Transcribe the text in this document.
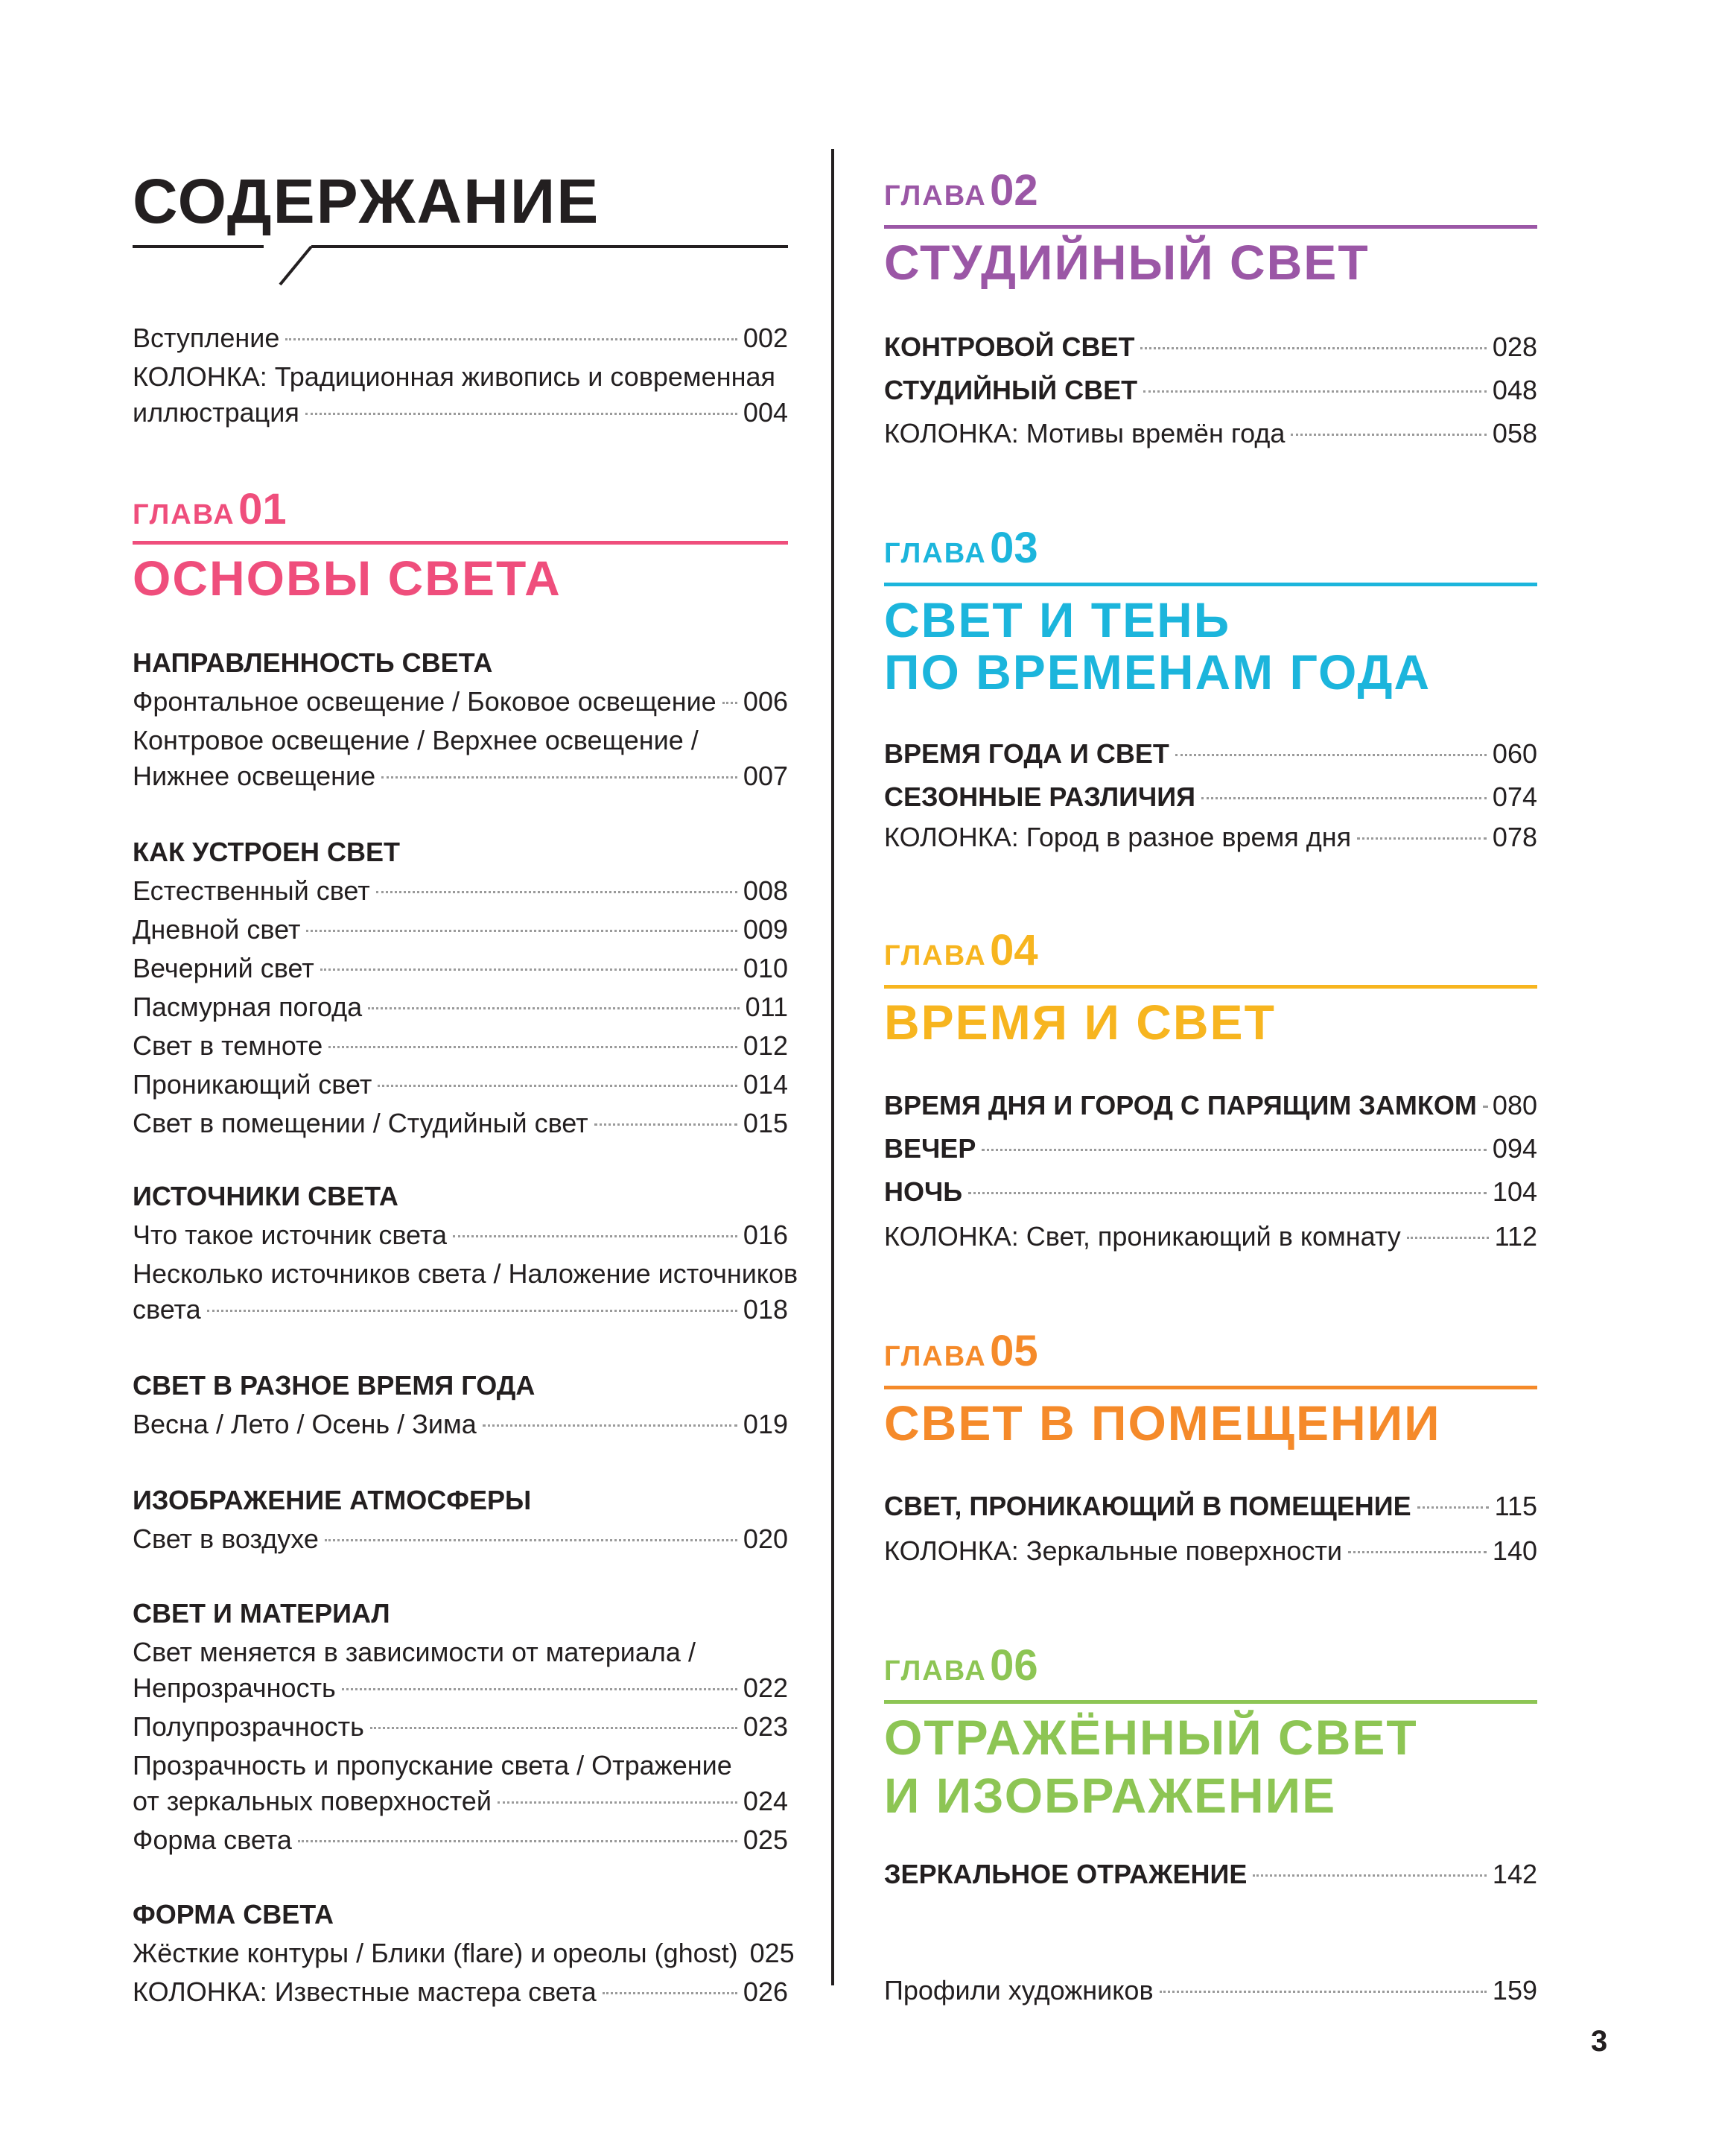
СОДЕРЖАНИЕ
Вступление	002
КОЛОНКА: Традиционная живопись и современная
иллюстрация	004
ГЛАВА 01
ОСНОВЫ СВЕТА
НАПРАВЛЕННОСТЬ СВЕТА
Фронтальное освещение / Боковое освещение 006
Контровое освещение / Верхнее освещение /
Нижнее освещение	007
КАК УСТРОЕН СВЕТ
Естественный свет	008
Дневной свет	009
Вечерний свет	010
Пасмурная погода	011
Свет в темноте	012
Проникающий свет	014
Свет в помещении / Студийный свет	015
ИСТОЧНИКИ СВЕТА
Что такое источник света	016
Несколько источников света / Наложение источников
света	018
СВЕТ В РАЗНОЕ ВРЕМЯ ГОДА
Весна / Лето / Осень / Зима	019
ИЗОБРАЖЕНИЕ АТМОСФЕРЫ
Свет в воздухе	020
СВЕТ И МАТЕРИАЛ
Свет меняется в зависимости от материала /
Непрозрачность	022
Полупрозрачность	023
Прозрачность и пропускание света / Отражение
от зеркальных поверхностей	024
Форма света	025
ФОРМА СВЕТА
Жёсткие контуры / Блики (flare) и ореолы (ghost) 025
КОЛОНКА: Известные мастера света	026
ГЛАВА 02
СТУДИЙНЫЙ СВЕТ
КОНТРОВОЙ СВЕТ	028
СТУДИЙНЫЙ СВЕТ	048
КОЛОНКА: Мотивы времён года	058
ГЛАВА 03
СВЕТ И ТЕНЬ
ПО ВРЕМЕНАМ ГОДА
ВРЕМЯ ГОДА И СВЕТ	060
СЕЗОННЫЕ РАЗЛИЧИЯ	074
КОЛОНКА: Город в разное время дня	078
ГЛАВА 04
ВРЕМЯ И СВЕТ
ВРЕМЯ ДНЯ И ГОРОД С ПАРЯЩИМ ЗАМКОМ 080
ВЕЧЕР	094
НОЧЬ	104
КОЛОНКА: Свет, проникающий в комнату	112
ГЛАВА 05
СВЕТ В ПОМЕЩЕНИИ
СВЕТ, ПРОНИКАЮЩИЙ В ПОМЕЩЕНИЕ	115
КОЛОНКА: Зеркальные поверхности	140
ГЛАВА 06
ОТРАЖЁННЫЙ СВЕТ
И ИЗОБРАЖЕНИЕ
ЗЕРКАЛЬНОЕ ОТРАЖЕНИЕ	142
Профили художников	159
3
